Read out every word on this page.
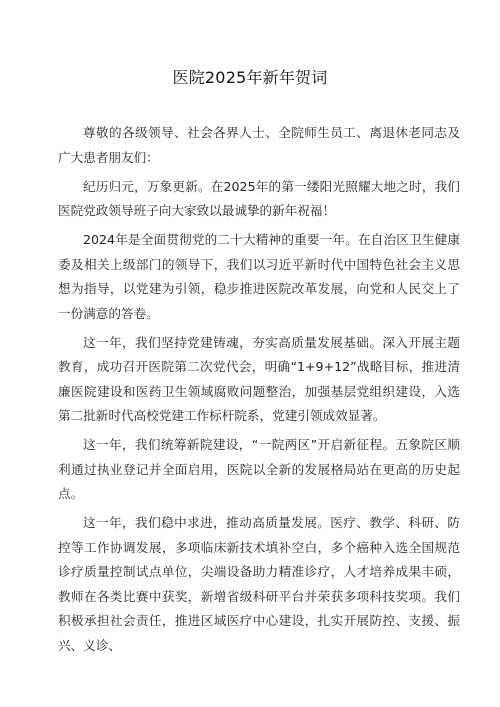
医院2025年新年贺词

尊敬的各级领导、社会各界人士、全院师生员工、离退休老同志及广大患者朋友们：

纪历归元，万象更新。在2025年的第一缕阳光照耀大地之时，我们医院党政领导班子向大家致以最诚挚的新年祝福！

2024年是全面贯彻党的二十大精神的重要一年。在自治区卫生健康委及相关上级部门的领导下，我们以习近平新时代中国特色社会主义思想为指导，以党建为引领，稳步推进医院改革发展，向党和人民交上了一份满意的答卷。

这一年，我们坚持党建铸魂，夯实高质量发展基础。深入开展主题教育，成功召开医院第二次党代会，明确“1+9+12”战略目标，推进清廉医院建设和医药卫生领域腐败问题整治，加强基层党组织建设，入选第二批新时代高校党建工作标杆院系，党建引领成效显著。

这一年，我们统筹新院建设，“一院两区”开启新征程。五象院区顺利通过执业登记并全面启用，医院以全新的发展格局站在更高的历史起点。

这一年，我们稳中求进，推动高质量发展。医疗、教学、科研、防控等工作协调发展，多项临床新技术填补空白，多个癌种入选全国规范诊疗质量控制试点单位，尖端设备助力精准诊疗，人才培养成果丰硕，教师在各类比赛中获奖，新增省级科研平台并荣获多项科技奖项。我们积极承担社会责任，推进区域医疗中心建设，扎实开展防控、支援、振兴、义诊、
